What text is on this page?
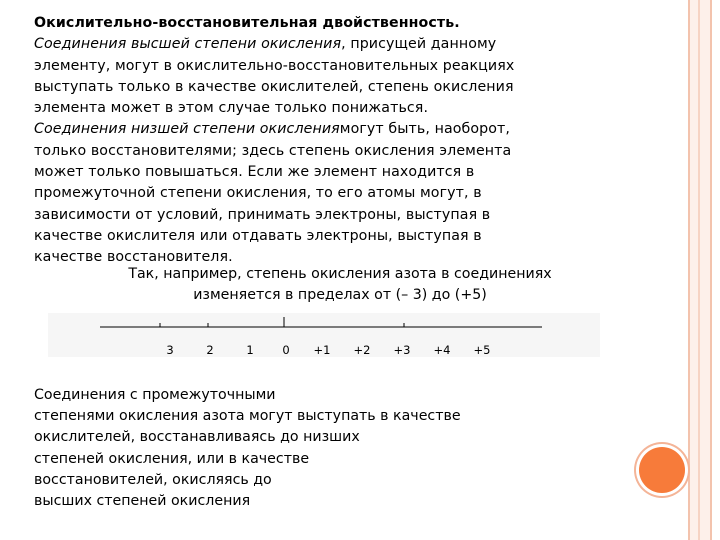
Окислительно-восстановительная двойственность.
Соединения высшей степени окисления, присущей данному
элементу, могут в окислительно-восстановительных реакциях
выступать только в качестве окислителей, степень окисления
элемента может в этом случае только понижаться.
Соединения низшей степени окислениямогут быть, наоборот,
только восстановителями; здесь степень окисления элемента
может только повышаться. Если же элемент находится в
промежуточной степени окисления, то его атомы могут, в
зависимости от условий, принимать электроны, выступая в
качестве окислителя или отдавать электроны, выступая в
качестве восстановителя.
Так, например, степень окисления азота в соединениях
изменяется в пределах от (– 3) до (+5)
3	2	1 0 +1 +2 +3 +4 +5
Соединения с промежуточными
степенями окисления азота могут выступать в качестве
окислителей, восстанавливаясь до низших
степеней окисления, или в качестве
восстановителей, окисляясь до
высших степеней окисления
